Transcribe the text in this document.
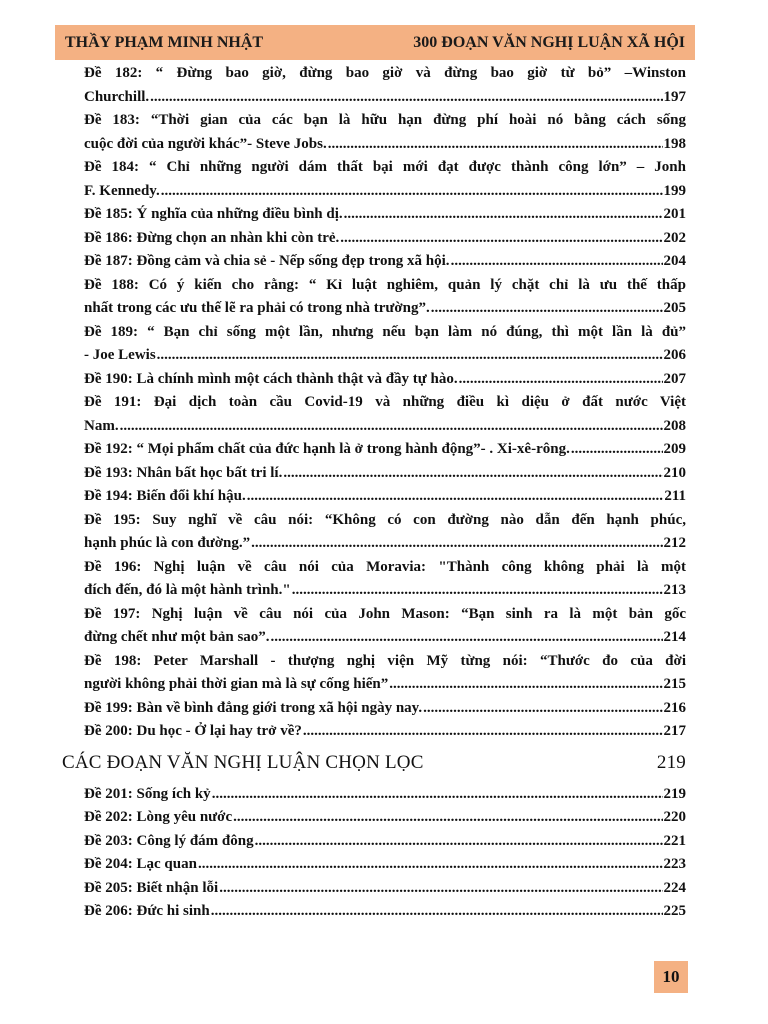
THẦY PHẠM MINH NHẬT	300 ĐOẠN VĂN NGHỊ LUẬN XÃ HỘI
Đề 182: “ Đừng bao giờ, đừng bao giờ và đừng bao giờ từ bỏ” –Winston
Churchill. .....	197
Đề 183: “Thời gian của các bạn là hữu hạn đừng phí hoài nó bằng cách sống
cuộc đời của người khác”- Steve Jobs. .....	198
Đề 184: “ Chỉ những người dám thất bại mới đạt được thành công lớn” – Jonh
F. Kennedy. .....	199
Đề 185: Ý nghĩa của những điều bình dị. .....	201
Đề 186: Đừng chọn an nhàn khi còn trẻ. .....	202
Đề 187: Đồng cảm và chia sẻ - Nếp sống đẹp trong xã hội. .....	204
Đề 188: Có ý kiến cho rằng: “ Kỉ luật nghiêm, quản lý chặt chỉ là ưu thế thấp
nhất trong các ưu thế lẽ ra phải có trong nhà trường”. .....	205
Đề 189: “ Bạn chỉ sống một lần, nhưng nếu bạn làm nó đúng, thì một lần là đủ”
- Joe Lewis .....	206
Đề 190: Là chính mình một cách thành thật và đầy tự hào. .....	207
Đề 191: Đại dịch toàn cầu Covid-19 và những điều kì diệu ở đất nước Việt
Nam. .....	208
Đề 192: “ Mọi phẩm chất của đức hạnh là ở trong hành động”- . Xi-xê-rông. .....	209
Đề 193: Nhân bất học bất tri lí. .....	210
Đề 194: Biến đổi khí hậu. .....	211
Đề 195: Suy nghĩ về câu nói: “Không có con đường nào dẫn đến hạnh phúc,
hạnh phúc là con đường.” .....	212
Đề 196: Nghị luận về câu nói của Moravia: "Thành công không phải là một
đích đến, đó là một hành trình." .....	213
Đề 197: Nghị luận về câu nói của John Mason: “Bạn sinh ra là một bản gốc
đừng chết như một bản sao”. .....	214
Đề 198: Peter Marshall - thượng nghị viện Mỹ từng nói: “Thước đo của đời
người không phải thời gian mà là sự cống hiến” .....	215
Đề 199: Bàn về bình đẳng giới trong xã hội ngày nay. .....	216
Đề 200: Du học - Ở lại hay trở về? .....	217
CÁC ĐOẠN VĂN NGHỊ LUẬN CHỌN LỌC	219
Đề 201: Sống ích kỷ .....	219
Đề 202: Lòng yêu nước .....	220
Đề 203: Công lý đám đông .....	221
Đề 204: Lạc quan .....	223
Đề 205: Biết nhận lỗi .....	224
Đề 206: Đức hi sinh .....	225
10
